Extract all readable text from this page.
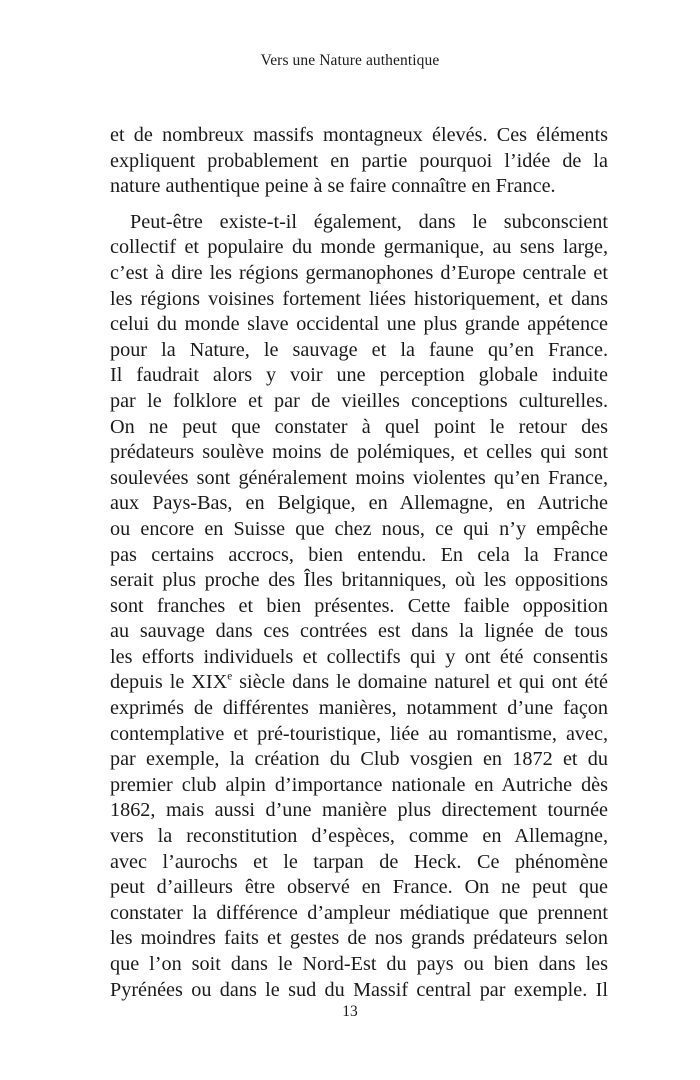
Vers une Nature authentique

et de nombreux massifs montagneux élevés. Ces éléments
expliquent probablement en partie pourquoi l’idée de la
nature authentique peine à se faire connaître en France.

Peut-être existe-t-il également, dans le subconscient
collectif et populaire du monde germanique, au sens large,
c’est à dire les régions germanophones d’Europe centrale et
les régions voisines fortement liées historiquement, et dans
celui du monde slave occidental une plus grande appétence
pour la Nature, le sauvage et la faune qu’en France.
Il faudrait alors y voir une perception globale induite
par le folklore et par de vieilles conceptions culturelles.
On ne peut que constater à quel point le retour des
prédateurs soulève moins de polémiques, et celles qui sont
soulevées sont généralement moins violentes qu’en France,
aux Pays-Bas, en Belgique, en Allemagne, en Autriche
ou encore en Suisse que chez nous, ce qui n’y empêche
pas certains accrocs, bien entendu. En cela la France
serait plus proche des Îles britanniques, où les oppositions
sont franches et bien présentes. Cette faible opposition
au sauvage dans ces contrées est dans la lignée de tous
les efforts individuels et collectifs qui y ont été consentis
depuis le XIXe siècle dans le domaine naturel et qui ont été
exprimés de différentes manières, notamment d’une façon
contemplative et pré-touristique, liée au romantisme, avec,
par exemple, la création du Club vosgien en 1872 et du
premier club alpin d’importance nationale en Autriche dès
1862, mais aussi d’une manière plus directement tournée
vers la reconstitution d’espèces, comme en Allemagne,
avec l’aurochs et le tarpan de Heck. Ce phénomène
peut d’ailleurs être observé en France. On ne peut que
constater la différence d’ampleur médiatique que prennent
les moindres faits et gestes de nos grands prédateurs selon
que l’on soit dans le Nord-Est du pays ou bien dans les
Pyrénées ou dans le sud du Massif central par exemple. Il

13
